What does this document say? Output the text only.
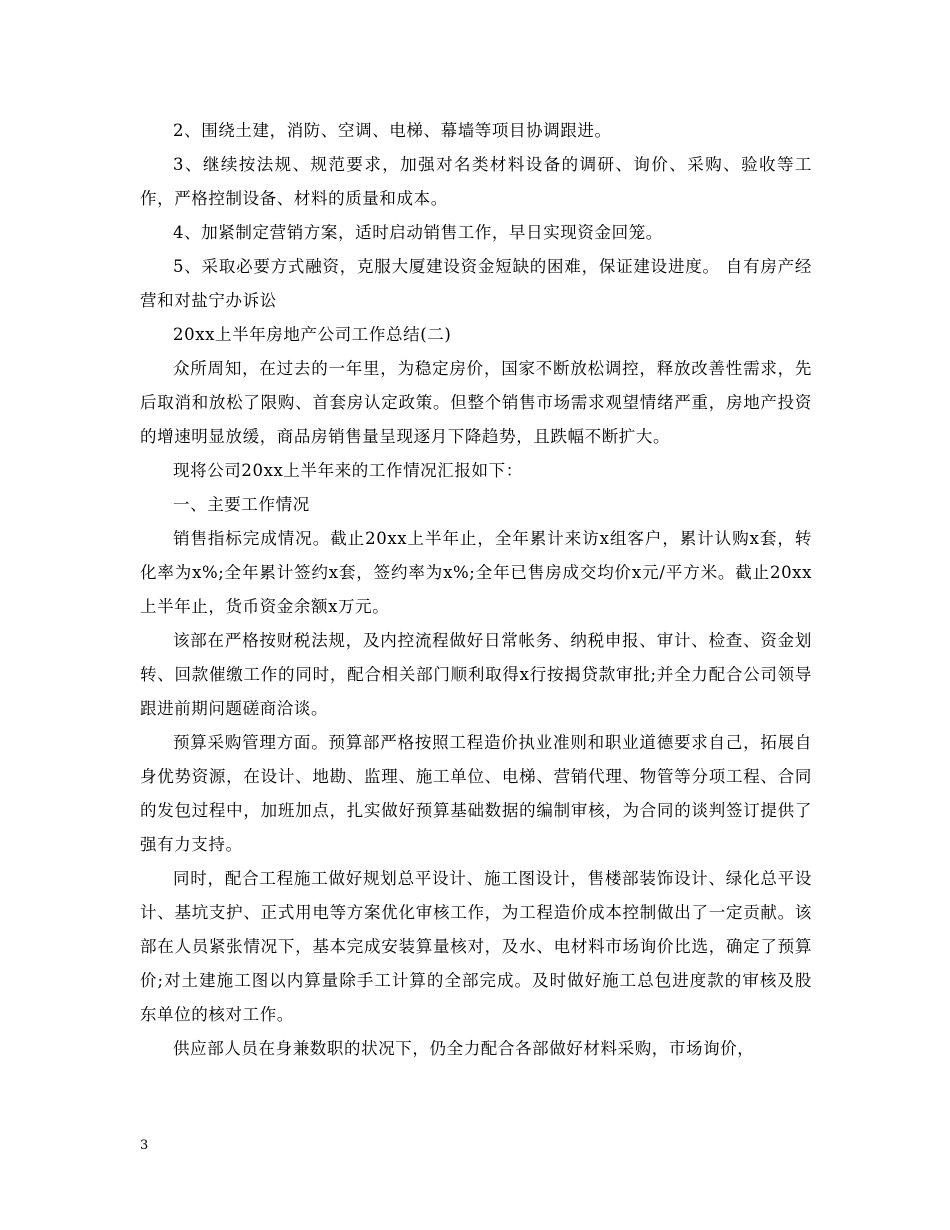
2、围绕土建，消防、空调、电梯、幕墙等项目协调跟进。

3、继续按法规、规范要求，加强对名类材料设备的调研、询价、采购、验收等工作，严格控制设备、材料的质量和成本。

4、加紧制定营销方案，适时启动销售工作，早日实现资金回笼。

5、采取必要方式融资，克服大厦建设资金短缺的困难，保证建设进度。 自有房产经营和对盐宁办诉讼

20xx上半年房地产公司工作总结(二)

众所周知，在过去的一年里，为稳定房价，国家不断放松调控，释放改善性需求，先后取消和放松了限购、首套房认定政策。但整个销售市场需求观望情绪严重，房地产投资的增速明显放缓，商品房销售量呈现逐月下降趋势，且跌幅不断扩大。

现将公司20xx上半年来的工作情况汇报如下：

一、主要工作情况

销售指标完成情况。截止20xx上半年止，全年累计来访x组客户，累计认购x套，转化率为x%;全年累计签约x套，签约率为x%;全年已售房成交均价x元/平方米。截止20xx上半年止，货币资金余额x万元。

该部在严格按财税法规，及内控流程做好日常帐务、纳税申报、审计、检查、资金划转、回款催缴工作的同时，配合相关部门顺利取得x行按揭贷款审批;并全力配合公司领导跟进前期问题磋商洽谈。

预算采购管理方面。预算部严格按照工程造价执业准则和职业道德要求自己，拓展自身优势资源，在设计、地勘、监理、施工单位、电梯、营销代理、物管等分项工程、合同的发包过程中，加班加点，扎实做好预算基础数据的编制审核，为合同的谈判签订提供了强有力支持。

同时，配合工程施工做好规划总平设计、施工图设计，售楼部装饰设计、绿化总平设计、基坑支护、正式用电等方案优化审核工作，为工程造价成本控制做出了一定贡献。该部在人员紧张情况下，基本完成安装算量核对，及水、电材料市场询价比选，确定了预算价;对土建施工图以内算量除手工计算的全部完成。及时做好施工总包进度款的审核及股东单位的核对工作。

供应部人员在身兼数职的状况下，仍全力配合各部做好材料采购，市场询价，

3
